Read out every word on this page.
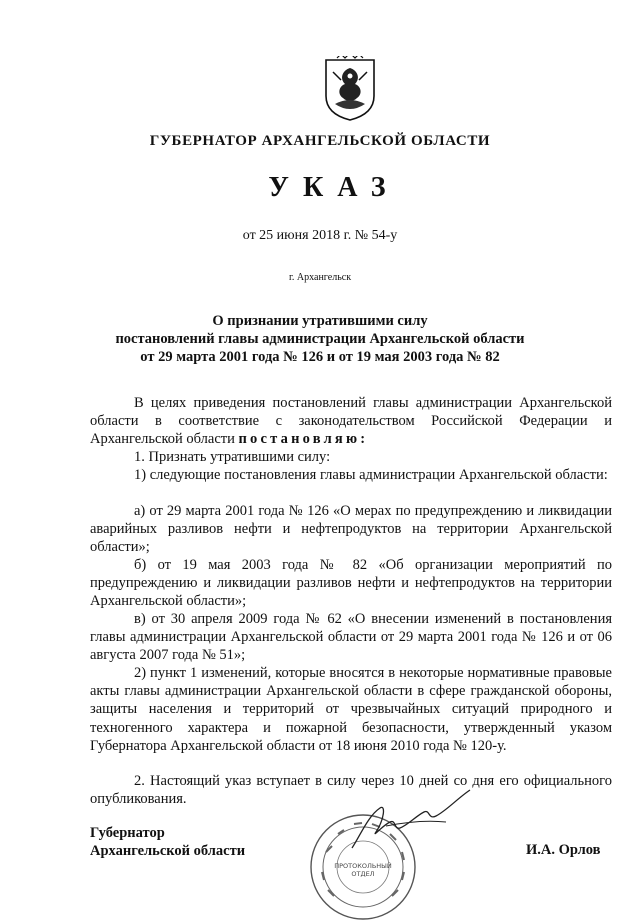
ГУБЕРНАТОР АРХАНГЕЛЬСКОЙ ОБЛАСТИ
УКАЗ
от 25 июня 2018 г. № 54-у
г. Архангельск
О признании утратившими силу
постановлений главы администрации Архангельской области
от 29 марта 2001 года № 126 и от 19 мая 2003 года № 82

В целях приведения постановлений главы администрации Архангельской области в соответствие с законодательством Российской Федерации и Архангельской области постановляю:

1. Признать утратившими силу:

1) следующие постановления главы администрации Архангельской области:

а) от 29 марта 2001 года № 126 «О мерах по предупреждению и ликвидации аварийных разливов нефти и нефтепродуктов на территории Архангельской области»;

б) от 19 мая 2003 года № 82 «Об организации мероприятий по предупреждению и ликвидации разливов нефти и нефтепродуктов на территории Архангельской области»;

в) от 30 апреля 2009 года № 62 «О внесении изменений в постановления главы администрации Архангельской области от 29 марта 2001 года № 126 и от 06 августа 2007 года № 51»;

2) пункт 1 изменений, которые вносятся в некоторые нормативные правовые акты главы администрации Архангельской области в сфере гражданской обороны, защиты населения и территорий от чрезвычайных ситуаций природного и техногенного характера и пожарной безопасности, утвержденный указом Губернатора Архангельской области от 18 июня 2010 года № 120-у.

2. Настоящий указ вступает в силу через 10 дней со дня его официального опубликования.

ПРОТОКОЛЬНЫЙ ОТДЕЛ
Губернатор
Архангельской области	И.А. Орлов
